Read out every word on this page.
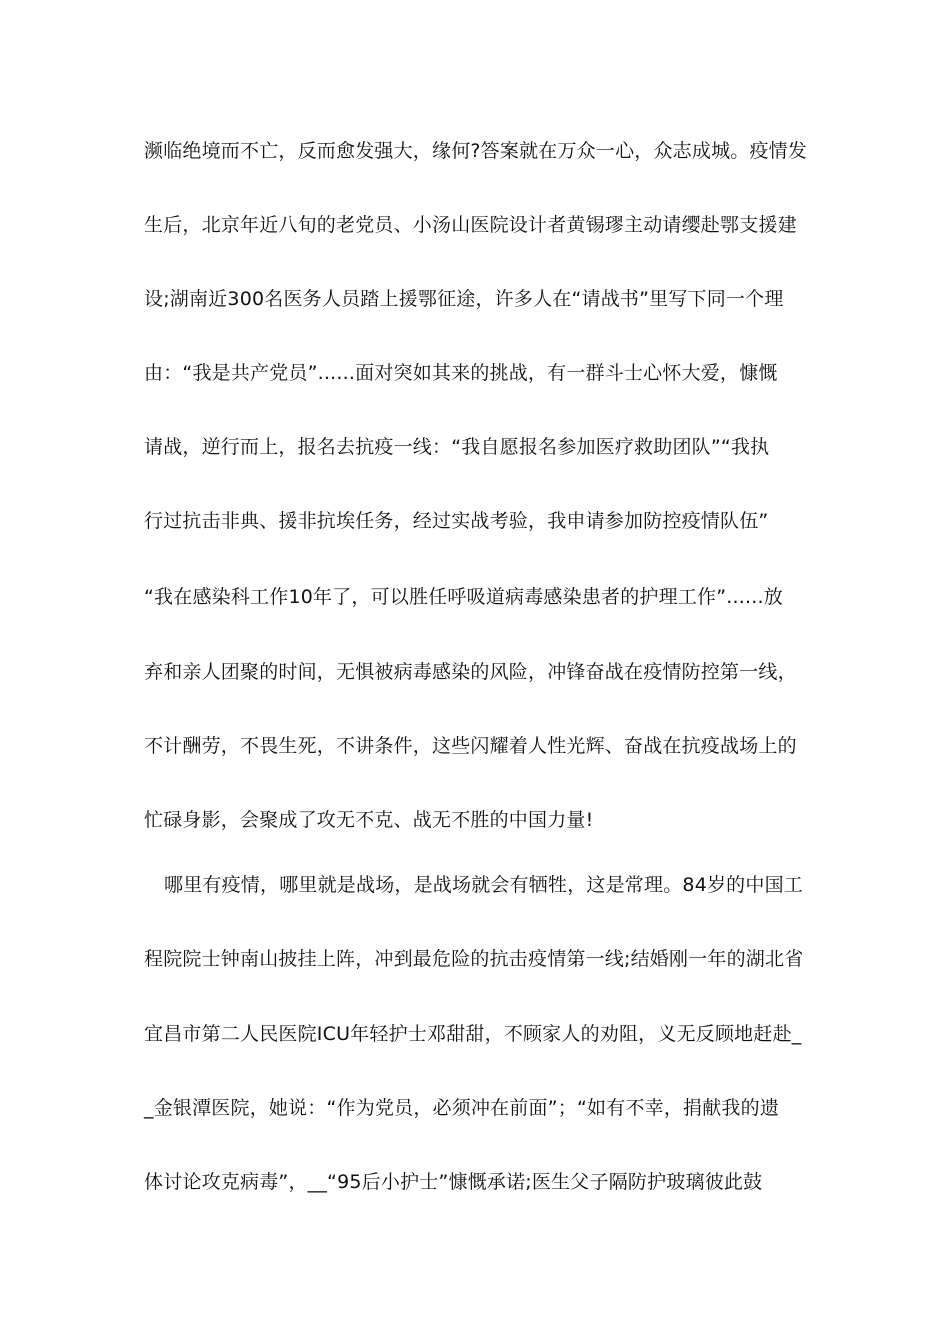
濒临绝境而不亡，反而愈发强大，缘何?答案就在万众一心，众志成城。疫情发
生后，北京年近八旬的老党员、小汤山医院设计者黄锡璆主动请缨赴鄂支援建
设;湖南近300名医务人员踏上援鄂征途，许多人在“请战书”里写下同一个理
由：“我是共产党员”......面对突如其来的挑战，有一群斗士心怀大爱，慷慨
请战，逆行而上，报名去抗疫一线：“我自愿报名参加医疗救助团队”“我执
行过抗击非典、援非抗埃任务，经过实战考验，我申请参加防控疫情队伍”
“我在感染科工作10年了，可以胜任呼吸道病毒感染患者的护理工作”......放
弃和亲人团聚的时间，无惧被病毒感染的风险，冲锋奋战在疫情防控第一线，
不计酬劳，不畏生死，不讲条件，这些闪耀着人性光辉、奋战在抗疫战场上的
忙碌身影，会聚成了攻无不克、战无不胜的中国力量!
哪里有疫情，哪里就是战场，是战场就会有牺牲，这是常理。84岁的中国工
程院院士钟南山披挂上阵，冲到最危险的抗击疫情第一线;结婚刚一年的湖北省
宜昌市第二人民医院ICU年轻护士邓甜甜，不顾家人的劝阻，义无反顾地赶赴_
_金银潭医院，她说：“作为党员，必须冲在前面”；“如有不幸，捐献我的遗
体讨论攻克病毒”，__“95后小护士”慷慨承诺;医生父子隔防护玻璃彼此鼓
